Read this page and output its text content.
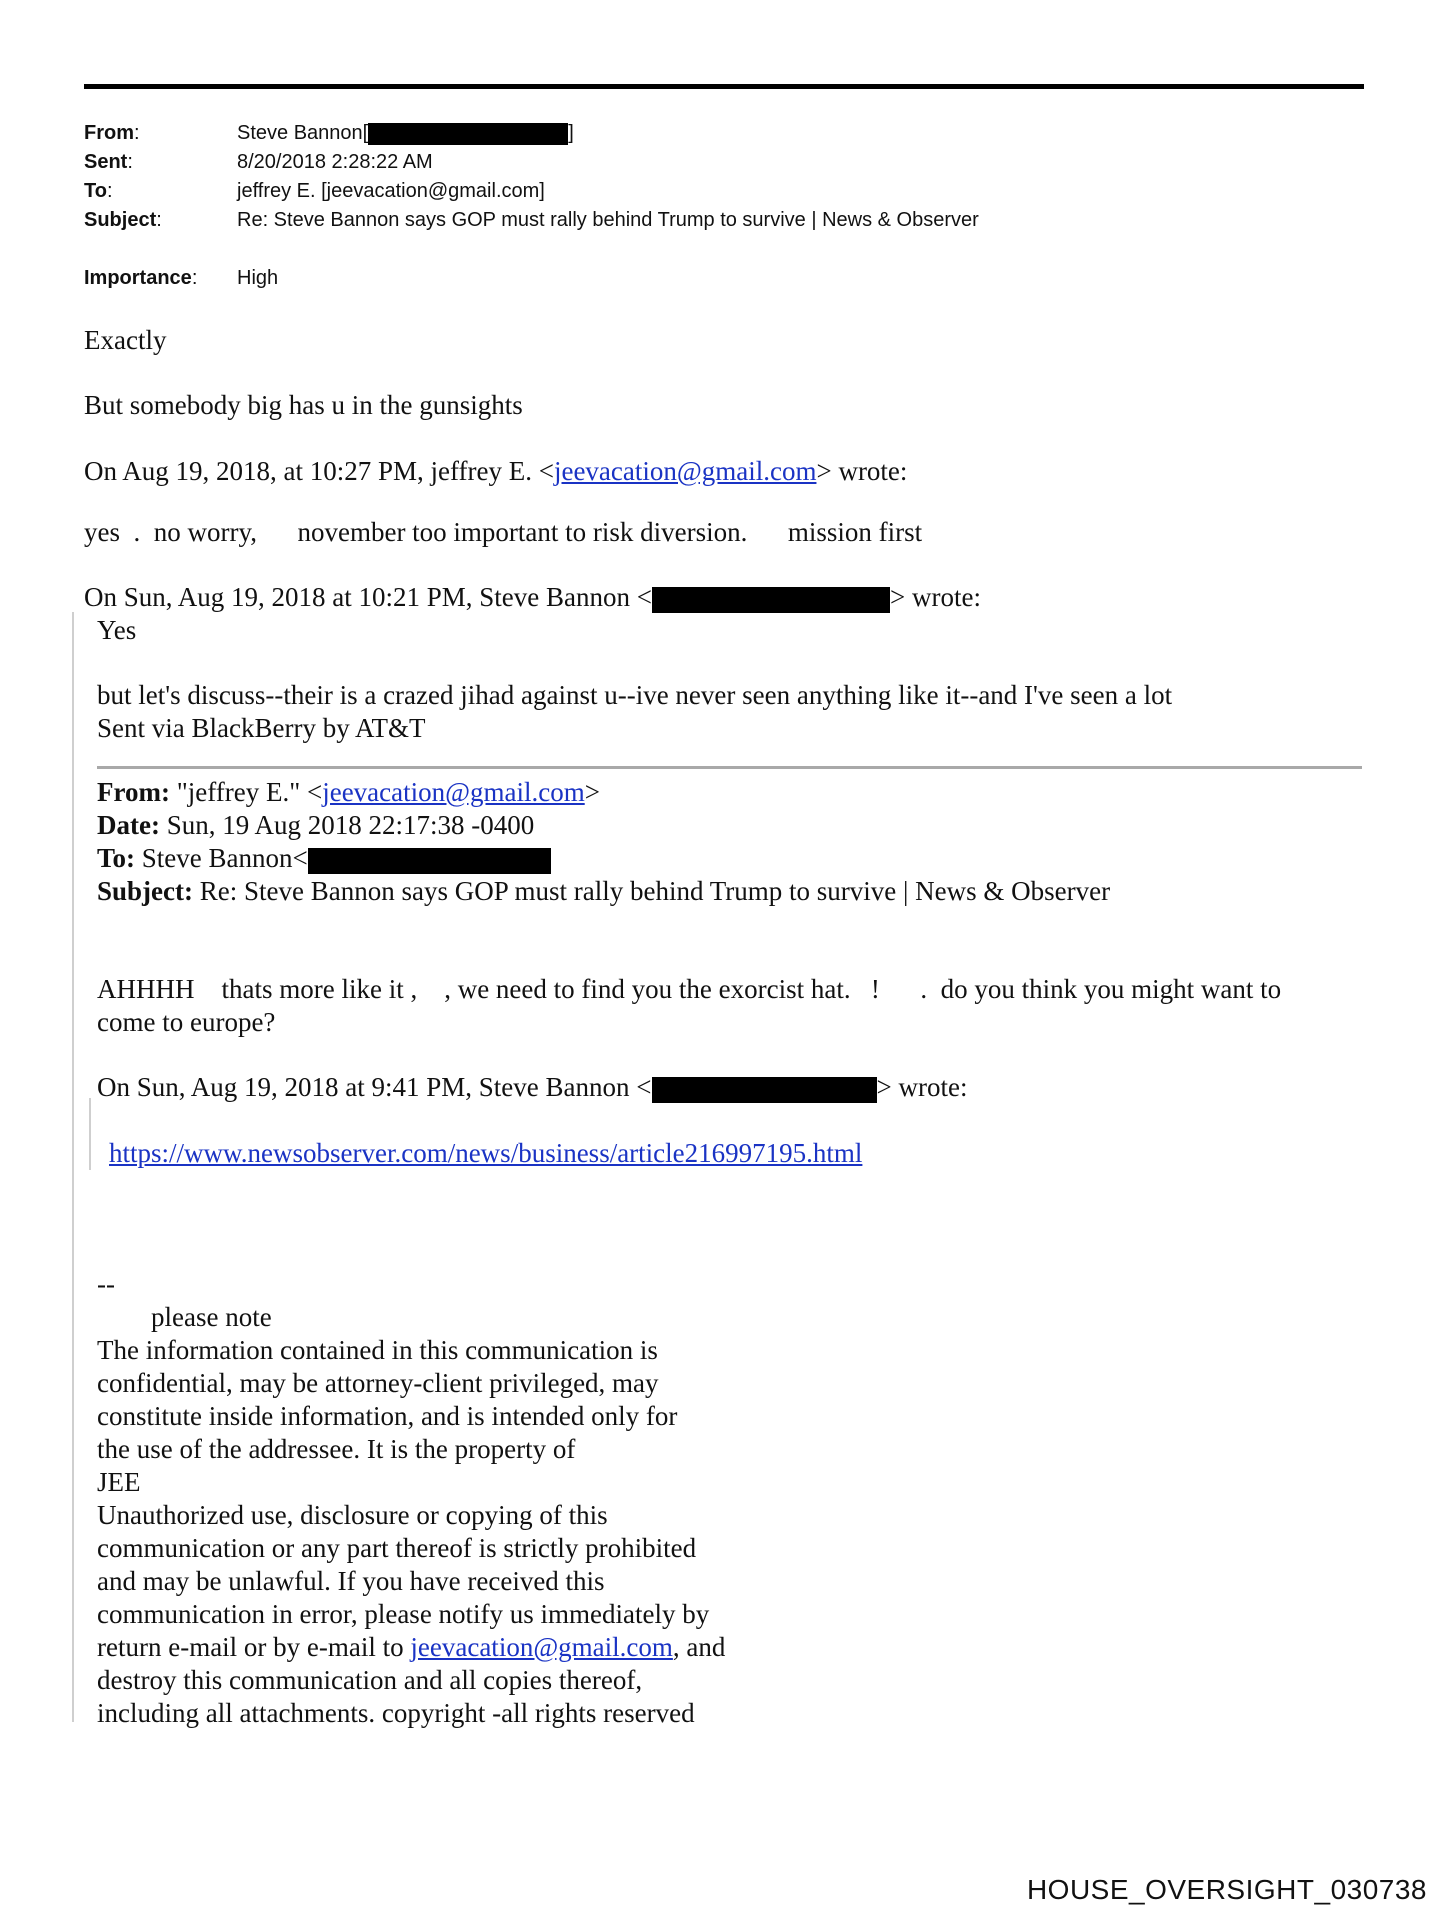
From:	Steve Bannon[	]
Sent:	8/20/2018 2:28:22 AM
To:	jeffrey E. [jeevacation@gmail.com]
Subject:	Re: Steve Bannon says GOP must rally behind Trump to survive | News & Observer
Importance:	High
Exactly
But somebody big has u in the gunsights
On Aug 19, 2018, at 10:27 PM, jeffrey E. <jeevacation@gmail.com> wrote:
yes  .  no worry,      november too important to risk diversion.      mission first
On Sun, Aug 19, 2018 at 10:21 PM, Steve Bannon <	> wrote:
Yes
but let's discuss--their is a crazed jihad against u--ive never seen anything like it--and I've seen a lot
Sent via BlackBerry by AT&T
From: "jeffrey E." <jeevacation@gmail.com>
Date: Sun, 19 Aug 2018 22:17:38 -0400
To: Steve Bannon<
Subject: Re: Steve Bannon says GOP must rally behind Trump to survive | News & Observer
AHHHH    thats more like it ,    , we need to find you the exorcist hat.   !      .  do you think you might want to
come to europe?
On Sun, Aug 19, 2018 at 9:41 PM, Steve Bannon <	> wrote:
https://www.newsobserver.com/news/business/article216997195.html
--
please note
The information contained in this communication is
confidential, may be attorney-client privileged, may
constitute inside information, and is intended only for
the use of the addressee. It is the property of
JEE
Unauthorized use, disclosure or copying of this
communication or any part thereof is strictly prohibited
and may be unlawful. If you have received this
communication in error, please notify us immediately by
return e-mail or by e-mail to jeevacation@gmail.com, and
destroy this communication and all copies thereof,
including all attachments. copyright -all rights reserved
HOUSE_OVERSIGHT_030738
